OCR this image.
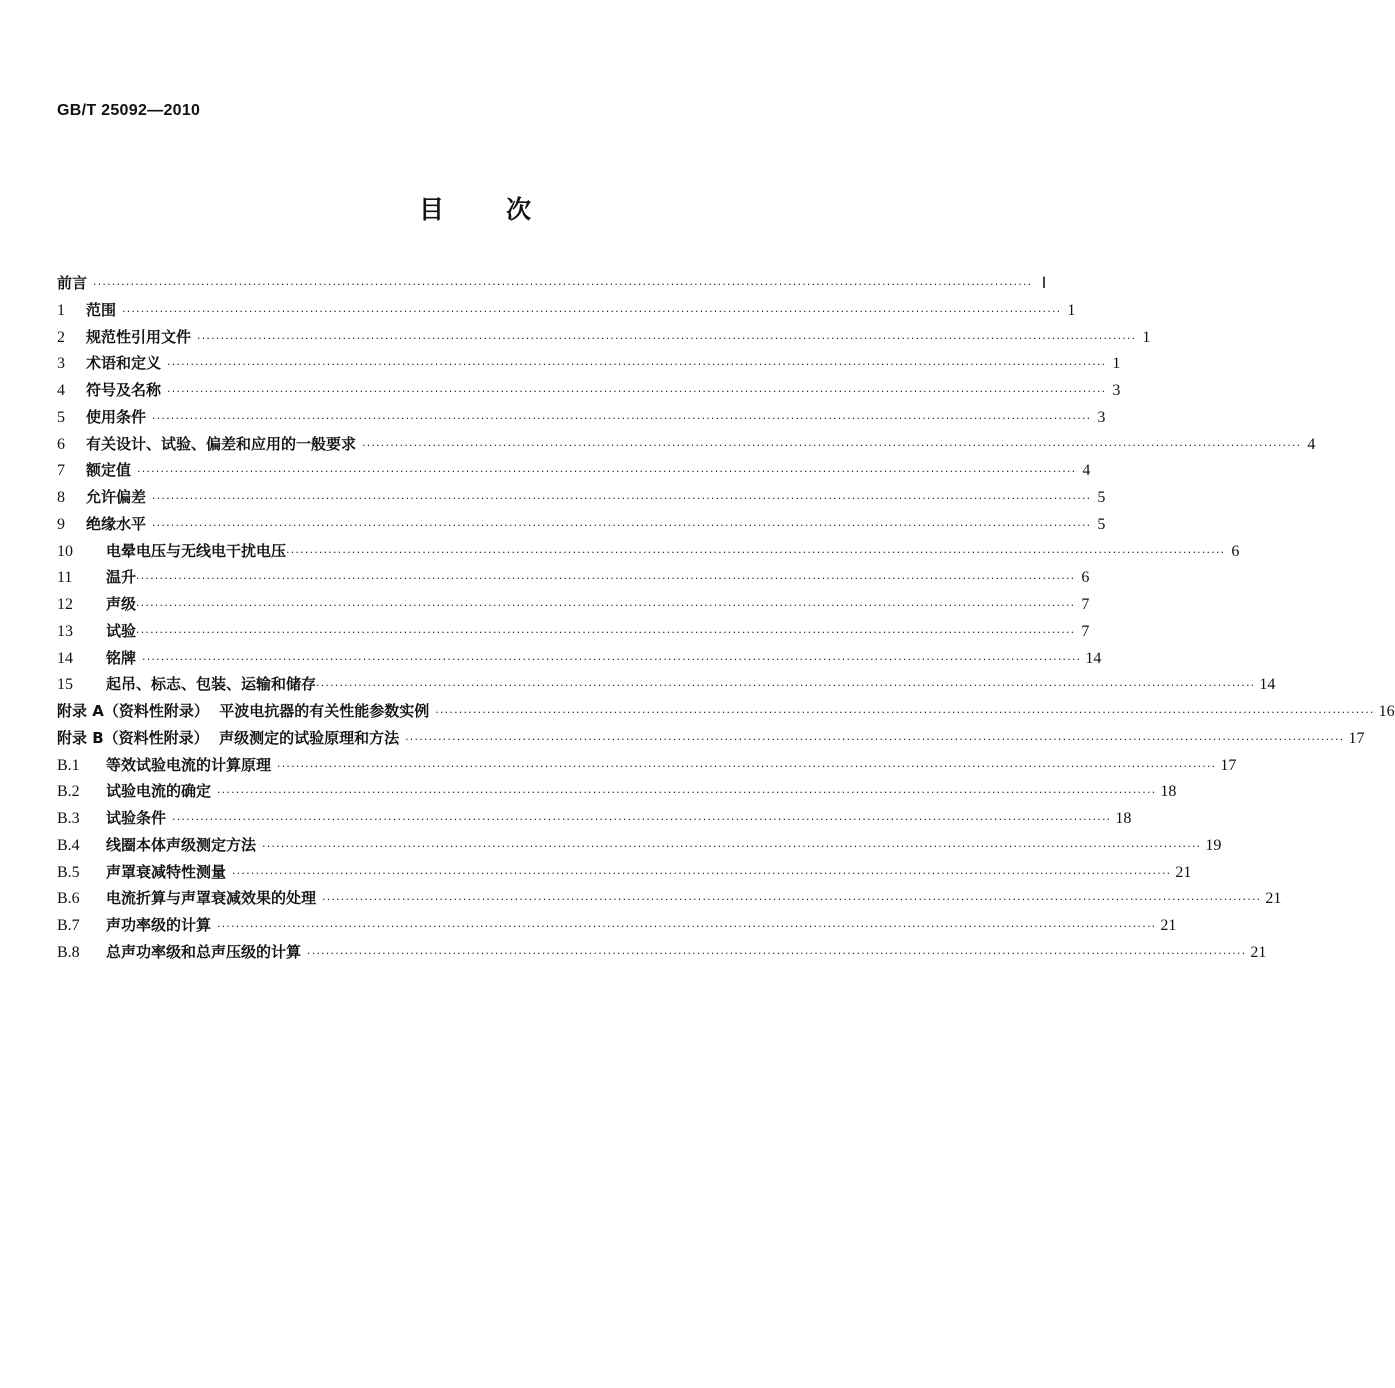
GB/T 25092—2010
目 次
前言 ········································································································································································································ Ⅰ
1	范围 ········································································································································································································ 1
2	规范性引用文件 ········································································································································································································ 1
3	术语和定义 ········································································································································································································ 1
4	符号及名称 ········································································································································································································ 3
5	使用条件 ········································································································································································································ 3
6	有关设计、试验、偏差和应用的一般要求 ········································································································································································································ 4
7	额定值 ········································································································································································································ 4
8	允许偏差 ········································································································································································································ 5
9	绝缘水平 ········································································································································································································ 5
10	电晕电压与无线电干扰电压 ········································································································································································································ 6
11	温升 ········································································································································································································ 6
12	声级 ········································································································································································································ 7
13	试验 ········································································································································································································ 7
14	铭牌 ········································································································································································································ 14
15	起吊、标志、包装、运输和储存 ········································································································································································································ 14
附录 A（资料性附录）  平波电抗器的有关性能参数实例 ········································································································································································································ 16
附录 B（资料性附录）  声级测定的试验原理和方法 ········································································································································································································ 17
B.1	等效试验电流的计算原理 ········································································································································································································ 17
B.2	试验电流的确定 ········································································································································································································ 18
B.3	试验条件 ········································································································································································································ 18
B.4	线圈本体声级测定方法 ········································································································································································································ 19
B.5	声罩衰减特性测量 ········································································································································································································ 21
B.6	电流折算与声罩衰减效果的处理 ········································································································································································································ 21
B.7	声功率级的计算 ········································································································································································································ 21
B.8	总声功率级和总声压级的计算 ········································································································································································································ 21
